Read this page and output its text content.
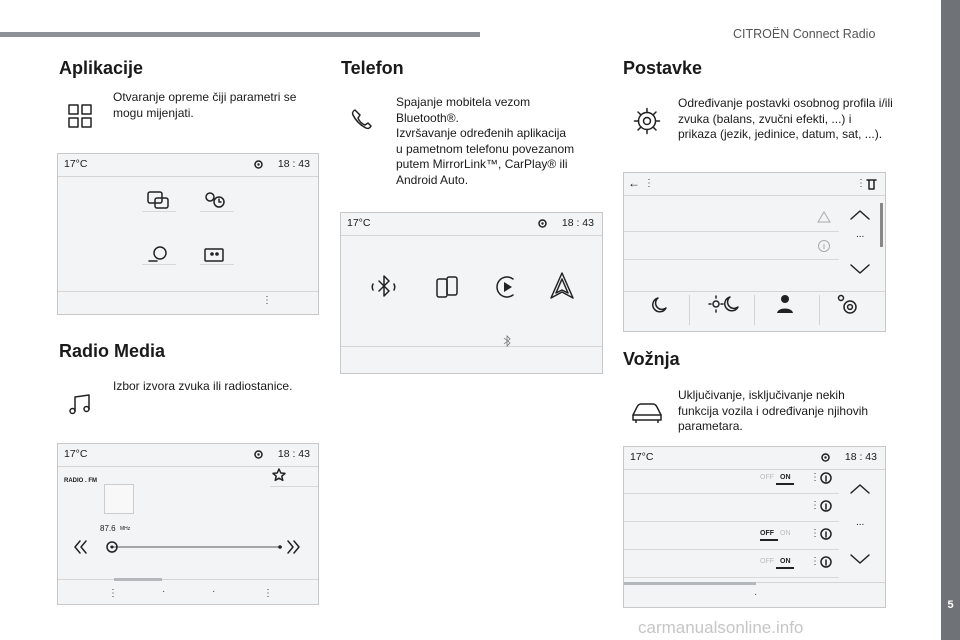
CITROËN Connect Radio
5
carmanualsonline.info
Aplikacije
Otvaranje opreme čiji parametri se mogu mijenjati.
17°C	18 : 43
⋮
Radio Media
Izbor izvora zvuka ili radiostanice.
17°C	18 : 43
RADIO . FM
87.6 MHz
⋮	·	·	⋮
Telefon
Spajanje mobitela vezom
Bluetooth®.
Izvršavanje određenih aplikacija
u pametnom telefonu povezanom
putem MirrorLink™, CarPlay® ili
Android Auto.
17°C	18 : 43
Postavke
Određivanje postavki osobnog profila i/ili zvuka (balans, zvučni efekti, ...) i prikaza (jezik, jedinice, datum, sat, ...).
← ⋮	⋮
...
Vožnja
Uključivanje, isključivanje nekih funkcija vozila i određivanje njihovih parametara.
17°C	18 : 43
OFF ON ⋮
⋮
OFF ON ⋮
OFF ON ⋮
...
·
